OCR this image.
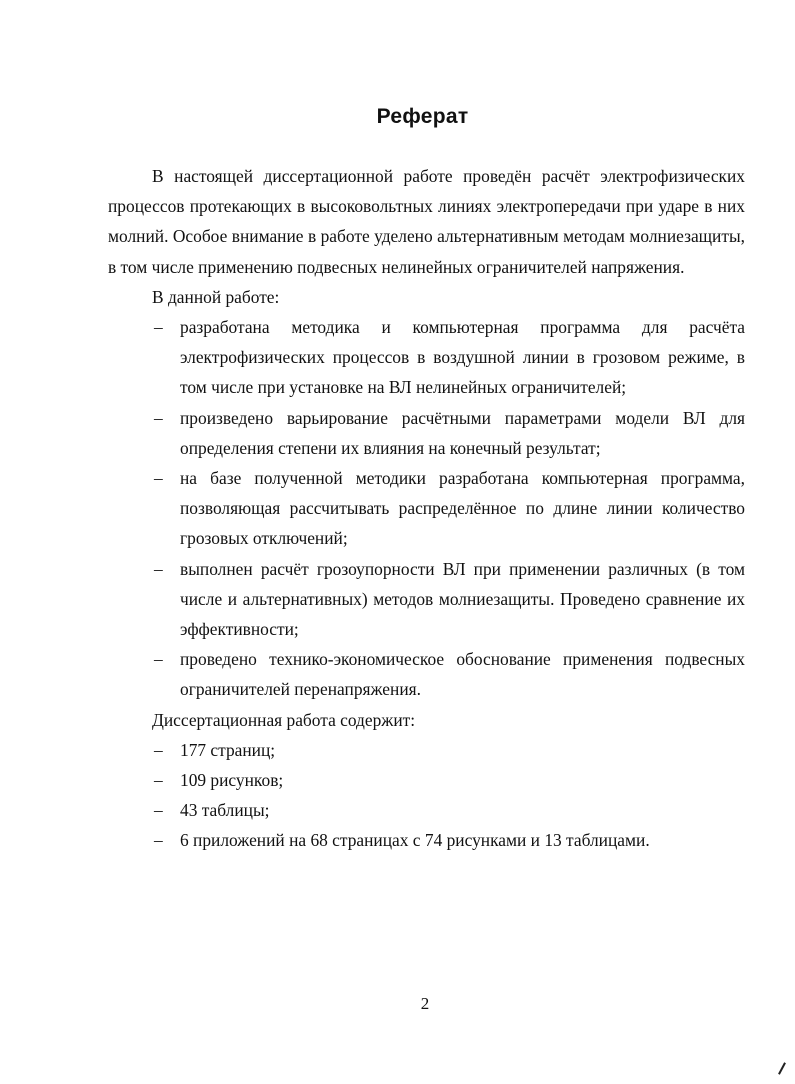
Реферат

В настоящей диссертационной работе проведён расчёт электрофизических процессов протекающих в высоковольтных линиях электропередачи при ударе в них молний. Особое внимание в работе уделено альтернативным методам молниезащиты, в том числе применению подвесных нелинейных ограничителей напряжения.

В данной работе:

– разработана методика и компьютерная программа для расчёта электрофизических процессов в воздушной линии в грозовом режиме, в том числе при установке на ВЛ нелинейных ограничителей;
– произведено варьирование расчётными параметрами модели ВЛ для определения степени их влияния на конечный результат;
– на базе полученной методики разработана компьютерная программа, позволяющая рассчитывать распределённое по длине линии количество грозовых отключений;
– выполнен расчёт грозоупорности ВЛ при применении различных (в том числе и альтернативных) методов молниезащиты. Проведено сравнение их эффективности;
– проведено технико-экономическое обоснование применения подвесных ограничителей перенапряжения.

Диссертационная работа содержит:

– 177 страниц;
– 109 рисунков;
– 43 таблицы;
– 6 приложений на 68 страницах с 74 рисунками и 13 таблицами.
2
